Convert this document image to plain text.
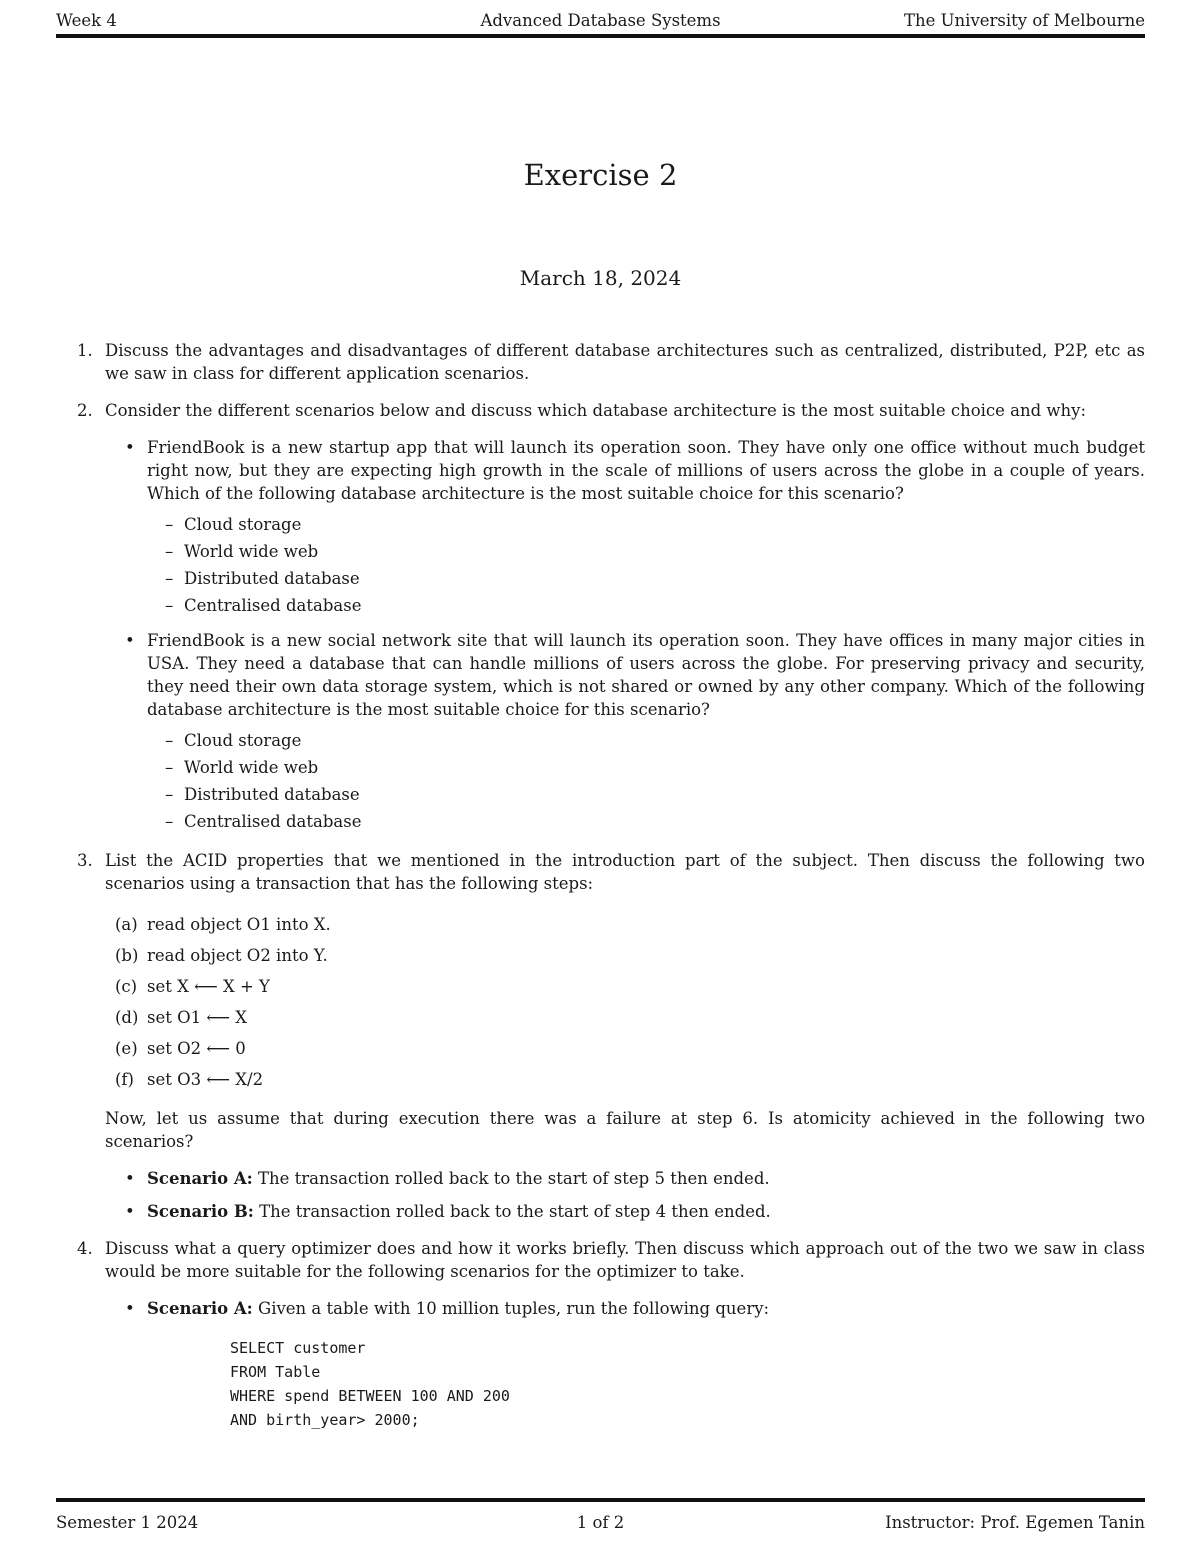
Week 4	Advanced Database Systems	The University of Melbourne
Exercise 2
March 18, 2024
1. Discuss the advantages and disadvantages of different database architectures such as centralized, distributed, P2P, etc as we saw in class for different application scenarios.
2. Consider the different scenarios below and discuss which database architecture is the most suitable choice and why:
• FriendBook is a new startup app that will launch its operation soon. They have only one office without much budget right now, but they are expecting high growth in the scale of millions of users across the globe in a couple of years. Which of the following database architecture is the most suitable choice for this scenario?
– Cloud storage
– World wide web
– Distributed database
– Centralised database
• FriendBook is a new social network site that will launch its operation soon. They have offices in many major cities in USA. They need a database that can handle millions of users across the globe. For preserving privacy and security, they need their own data storage system, which is not shared or owned by any other company. Which of the following database architecture is the most suitable choice for this scenario?
– Cloud storage
– World wide web
– Distributed database
– Centralised database
3. List the ACID properties that we mentioned in the introduction part of the subject. Then discuss the following two scenarios using a transaction that has the following steps:
(a) read object O1 into X.
(b) read object O2 into Y.
(c) set X ⟵ X + Y
(d) set O1 ⟵ X
(e) set O2 ⟵ 0
(f) set O3 ⟵ X/2
Now, let us assume that during execution there was a failure at step 6. Is atomicity achieved in the following two scenarios?
• Scenario A: The transaction rolled back to the start of step 5 then ended.
• Scenario B: The transaction rolled back to the start of step 4 then ended.
4. Discuss what a query optimizer does and how it works briefly. Then discuss which approach out of the two we saw in class would be more suitable for the following scenarios for the optimizer to take.
• Scenario A: Given a table with 10 million tuples, run the following query:
SELECT customer
FROM Table
WHERE spend BETWEEN 100 AND 200
AND birth_year> 2000;
Semester 1 2024	1 of 2	Instructor: Prof. Egemen Tanin
